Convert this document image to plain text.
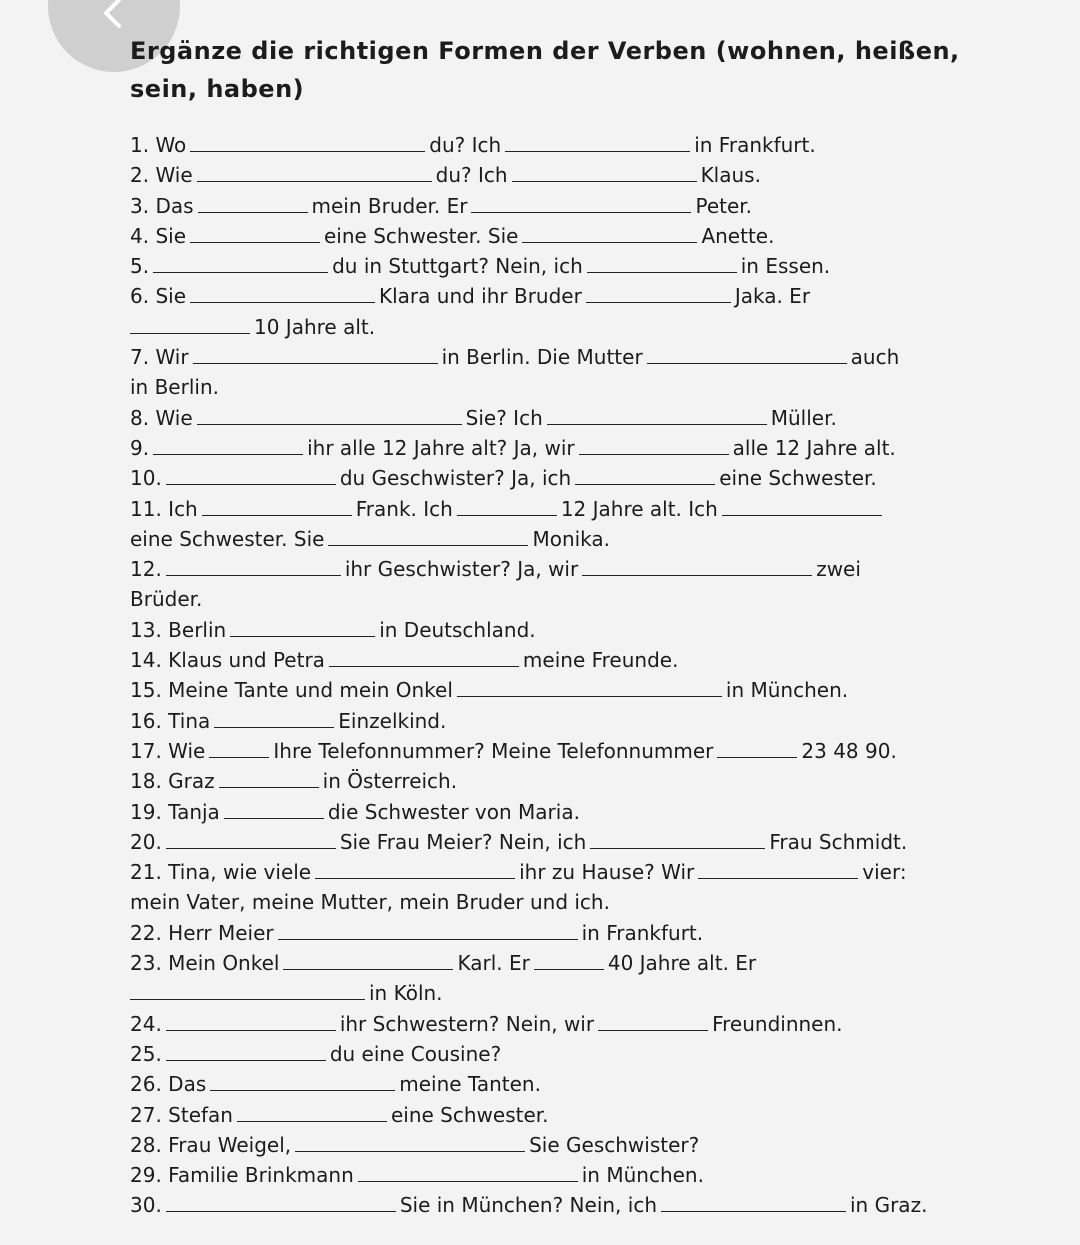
Ergänze die richtigen Formen der Verben (wohnen, heißen, sein, haben)
1. Wo	du? Ich	in Frankfurt.
2. Wie	du? Ich	Klaus.
3. Das	mein Bruder. Er	Peter.
4. Sie	eine Schwester. Sie	Anette.
5.	du in Stuttgart? Nein, ich	in Essen.
6. Sie	Klara und ihr Bruder	Jaka. Er
10 Jahre alt.
7. Wir	in Berlin. Die Mutter	auch
in Berlin.
8. Wie	Sie? Ich	Müller.
9.	ihr alle 12 Jahre alt? Ja, wir	alle 12 Jahre alt.
10.	du Geschwister? Ja, ich	eine Schwester.
11. Ich	Frank. Ich	12 Jahre alt. Ich
eine Schwester. Sie	Monika.
12.	ihr Geschwister? Ja, wir	zwei
Brüder.
13. Berlin	in Deutschland.
14. Klaus und Petra	meine Freunde.
15. Meine Tante und mein Onkel	in München.
16. Tina	Einzelkind.
17. Wie	Ihre Telefonnummer? Meine Telefonnummer	23 48 90.
18. Graz	in Österreich.
19. Tanja	die Schwester von Maria.
20.	Sie Frau Meier? Nein, ich	Frau Schmidt.
21. Tina, wie viele	ihr zu Hause? Wir	vier:
mein Vater, meine Mutter, mein Bruder und ich.
22. Herr Meier	in Frankfurt.
23. Mein Onkel	Karl. Er	40 Jahre alt. Er
in Köln.
24.	ihr Schwestern? Nein, wir	Freundinnen.
25.	du eine Cousine?
26. Das	meine Tanten.
27. Stefan	eine Schwester.
28. Frau Weigel,	Sie Geschwister?
29. Familie Brinkmann	in München.
30.	Sie in München? Nein, ich	in Graz.
